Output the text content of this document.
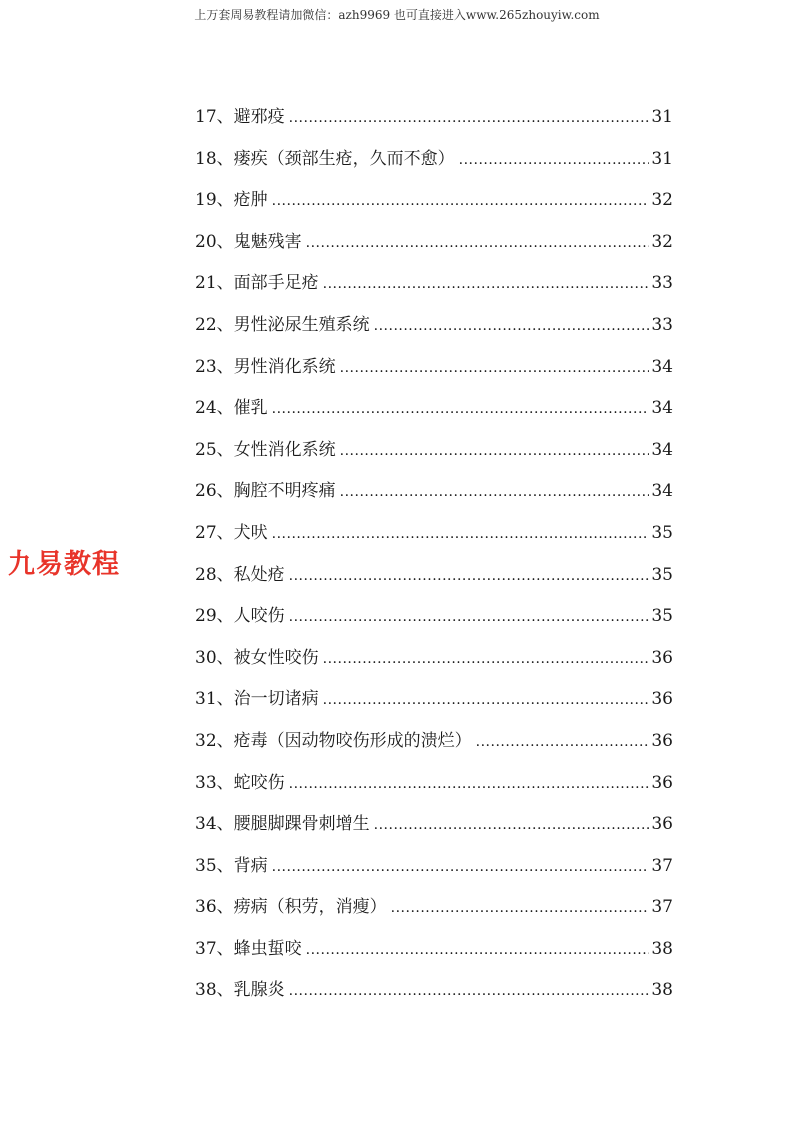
上万套周易教程请加微信：azh9969 也可直接进入www.265zhouyiw.com
九易教程
17、避邪疫 .....	31
18、瘘疾（颈部生疮，久而不愈） .....	31
19、疮肿 .....	32
20、鬼魅残害 .....	32
21、面部手足疮 .....	33
22、男性泌尿生殖系统 .....	33
23、男性消化系统 .....	34
24、催乳 .....	34
25、女性消化系统 .....	34
26、胸腔不明疼痛 .....	34
27、犬吠 .....	35
28、私处疮 .....	35
29、人咬伤 .....	35
30、被女性咬伤 .....	36
31、治一切诸病 .....	36
32、疮毒（因动物咬伤形成的溃烂） .....	36
33、蛇咬伤 .....	36
34、腰腿脚踝骨刺增生 .....	36
35、背病 .....	37
36、痨病（积劳，消瘦） .....	37
37、蜂虫蜇咬 .....	38
38、乳腺炎 .....	38
